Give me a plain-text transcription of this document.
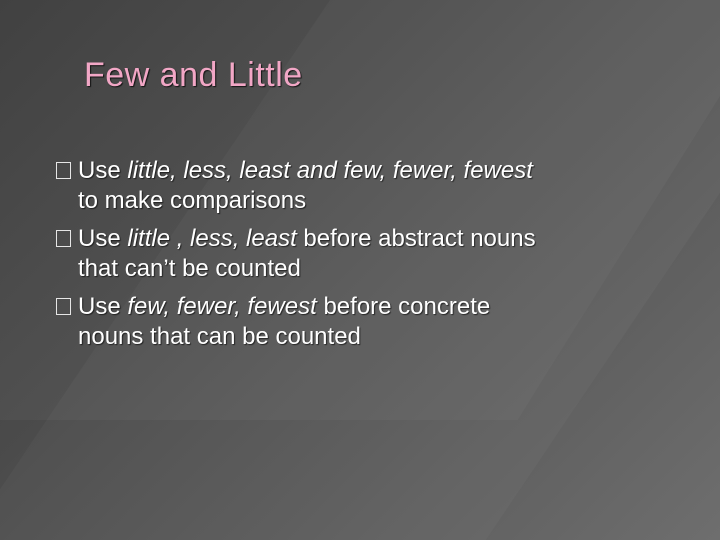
Few and Little
Use little, less, least and few, fewer, fewest
to make comparisons
Use little , less, least before abstract nouns
that can’t be counted
Use few, fewer, fewest before concrete
nouns that can be counted
